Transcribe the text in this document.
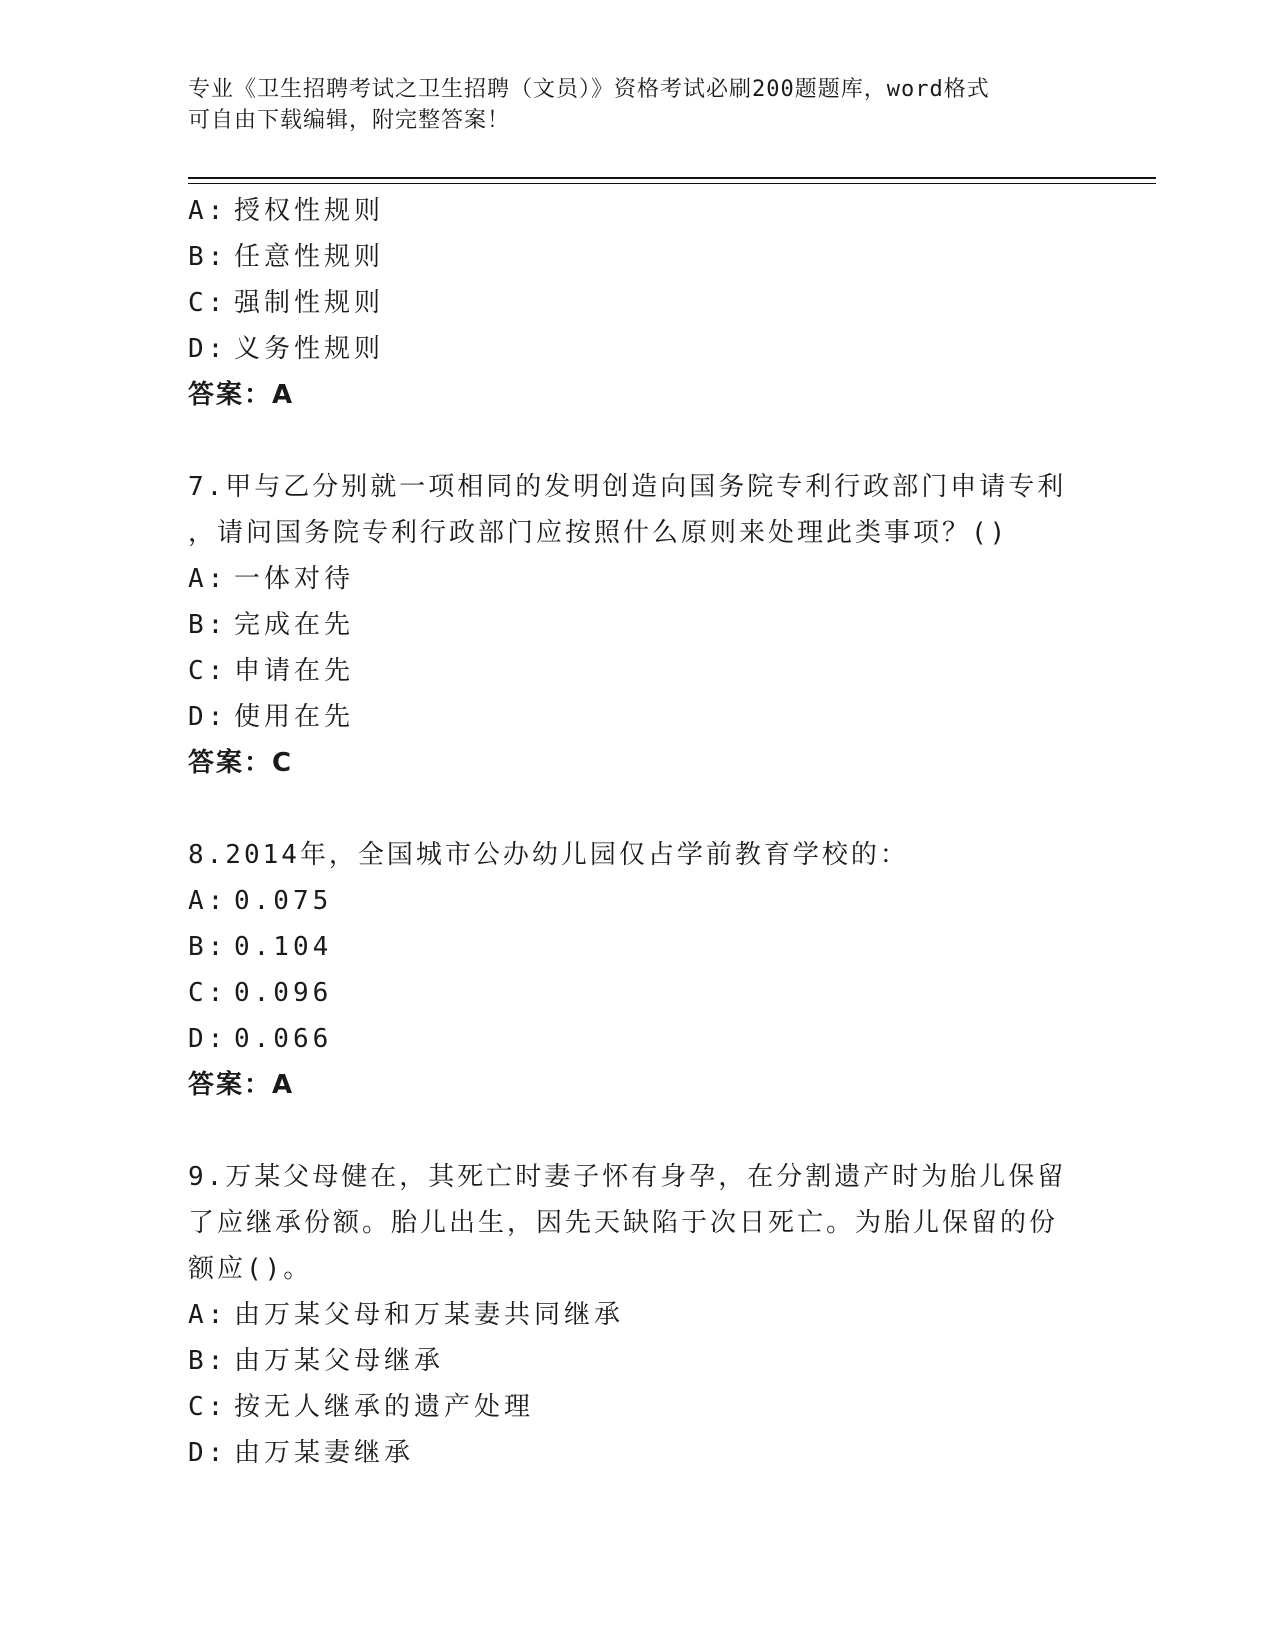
专业《卫生招聘考试之卫生招聘（文员）》资格考试必刷200题题库，word格式
可自由下载编辑，附完整答案！
A: 授权性规则
B: 任意性规则
C: 强制性规则
D: 义务性规则
答案：A
7.甲与乙分别就一项相同的发明创造向国务院专利行政部门申请专利
，请问国务院专利行政部门应按照什么原则来处理此类事项？()
A: 一体对待
B: 完成在先
C: 申请在先
D: 使用在先
答案：C
8.2014年，全国城市公办幼儿园仅占学前教育学校的：
A: 0.075
B: 0.104
C: 0.096
D: 0.066
答案：A
9.万某父母健在，其死亡时妻子怀有身孕，在分割遗产时为胎儿保留
了应继承份额。胎儿出生，因先天缺陷于次日死亡。为胎儿保留的份
额应()。
A: 由万某父母和万某妻共同继承
B: 由万某父母继承
C: 按无人继承的遗产处理
D: 由万某妻继承
